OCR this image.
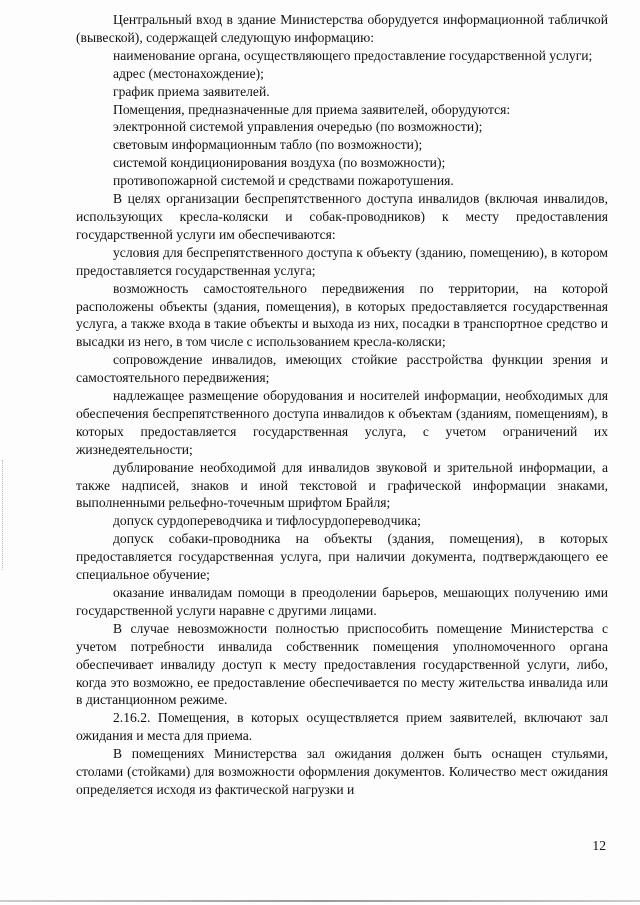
Центральный вход в здание Министерства оборудуется информационной табличкой (вывеской), содержащей следующую информацию:

наименование органа, осуществляющего предоставление государственной услуги;

адрес (местонахождение);

график приема заявителей.

Помещения, предназначенные для приема заявителей, оборудуются:

электронной системой управления очередью (по возможности);

световым информационным табло (по возможности);

системой кондиционирования воздуха (по возможности);

противопожарной системой и средствами пожаротушения.

В целях организации беспрепятственного доступа инвалидов (включая инвалидов, использующих кресла-коляски и собак-проводников) к месту предоставления государственной услуги им обеспечиваются:

условия для беспрепятственного доступа к объекту (зданию, помещению), в котором предоставляется государственная услуга;

возможность самостоятельного передвижения по территории, на которой расположены объекты (здания, помещения), в которых предоставляется государственная услуга, а также входа в такие объекты и выхода из них, посадки в транспортное средство и высадки из него, в том числе с использованием кресла-коляски;

сопровождение инвалидов, имеющих стойкие расстройства функции зрения и самостоятельного передвижения;

надлежащее размещение оборудования и носителей информации, необходимых для обеспечения беспрепятственного доступа инвалидов к объектам (зданиям, помещениям), в которых предоставляется государственная услуга, с учетом ограничений их жизнедеятельности;

дублирование необходимой для инвалидов звуковой и зрительной информации, а также надписей, знаков и иной текстовой и графической информации знаками, выполненными рельефно-точечным шрифтом Брайля;

допуск сурдопереводчика и тифлосурдопереводчика;

допуск собаки-проводника на объекты (здания, помещения), в которых предоставляется государственная услуга, при наличии документа, подтверждающего ее специальное обучение;

оказание инвалидам помощи в преодолении барьеров, мешающих получению ими государственной услуги наравне с другими лицами.

В случае невозможности полностью приспособить помещение Министерства с учетом потребности инвалида собственник помещения уполномоченного органа обеспечивает инвалиду доступ к месту предоставления государственной услуги, либо, когда это возможно, ее предоставление обеспечивается по месту жительства инвалида или в дистанционном режиме.

2.16.2. Помещения, в которых осуществляется прием заявителей, включают зал ожидания и места для приема.

В помещениях Министерства зал ожидания должен быть оснащен стульями, столами (стойками) для возможности оформления документов. Количество мест ожидания определяется исходя из фактической нагрузки и

12
